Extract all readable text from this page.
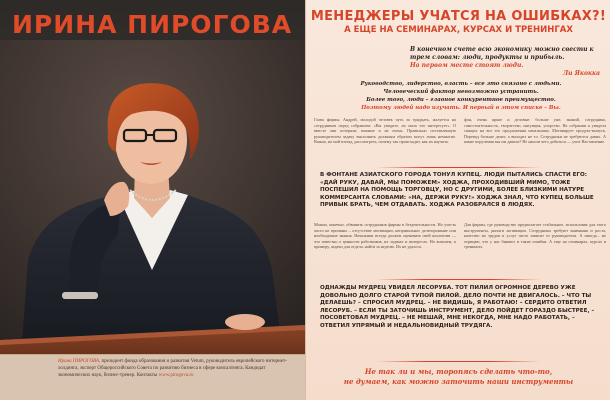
ИРИНА ПИРОГОВА
Ирина ПИРОГОВА, президент фонда образования и развития Vetum, руководитель европейского интернет-холдинга, эксперт Общероссийского Совета по развитию бизнеса в сфере консалтинга. Кандидат экономических наук, бизнес-тренер. Контакты www.pirogova.ru
МЕНЕДЖЕРЫ УЧАТСЯ НА ОШИБКАХ?!
А ЕЩЕ НА СЕМИНАРАХ, КУРСАХ И ТРЕНИНГАХ
В конечном счете всю экономику можно свести к трем словам: люди, продукты и прибыль.
На первом месте стоят люди.
Ли Якокка
Руководство, лидерство, власть – все это связано с людьми.
Человеческий фактор невозможно устранить.
Более того, люди – главное конкурентное преимущество.
Поэтому людей надо изучать. И первый в этом списке – Вы.
Глава фирмы, Андрей, молодой человек чуть за тридцать, жалуется на сотрудников перед собранием: «Вы увидите, их мало что интересует». О вместе они потеряли, важные и не очень. Правильно поставленную руководителем задачу выполнить должным образом могут лишь немногие. Важно, на мой взгляд, рассмотреть, почему так происходит, как их научить.
фон, очень яркие и деловые: больше уже, знаний, сотрудника, самостоятельность, творчество, интуиция, упорство. На собрании я увидела спящих на все его предложения начальника. Мотивирует продукт-выпуск. Перевод больше денег, а выходит не то. Сотрудники не требуются давно. А какие поручения мы им давали? Не нашли чего добиться — учит Наставление.
В ФОНТАНЕ АЗИАТСКОГО ГОРОДА ТОНУЛ КУПЕЦ. ЛЮДИ ПЫТАЛИСЬ СПАСТИ ЕГО: «ДАЙ РУКУ, ДАВАЙ, МЫ ПОМОЖЕМ» ХОДЖА, ПРОХОДИВШИЙ МИМО, ТОЖЕ ПОСПЕШИЛ НА ПОМОЩЬ ТОРГОВЦУ, НО С ДРУГИМИ, БОЛЕЕ БЛИЗКИМИ НАТУРЕ КОММЕРСАНТА СЛОВАМИ: «НА, ДЕРЖИ РУКУ!» ХОДЖА ЗНАЛ, ЧТО КУПЕЦ БОЛЬШЕ ПРИВЫК БРАТЬ, ЧЕМ ОТДАВАТЬ. ХОДЖА РАЗОБРАЛСЯ В ЛЮДЯХ.
Можно, конечно, обвинить сотрудников фирмы в бездеятельности. Но учесть часто не причины – отсутствие мотивации, неправильное делегирование или необходимые знания. Начальник всегда должен оценивать свой коллектив — что известно о ценности работников, их задачах и интересах. Но возьмем, к примеру, задачи для отдела, найти за неделю. Их не удалось.
Для фирмы, где руководство предполагает стабильное, использовав для этого инструменты, рычаги мотивации. Сотрудники требуют внимания и роста, качество их трудов и услуг часто зависит от руководителя. А иногда... не отрицаю, что у нас бывают и такие ошибки. А еще на семинарах, курсах и тренингах.
ОДНАЖДЫ МУДРЕЦ УВИДЕЛ ЛЕСОРУБА. ТОТ ПИЛИЛ ОГРОМНОЕ ДЕРЕВО УЖЕ ДОВОЛЬНО ДОЛГО СТАРОЙ ТУПОЙ ПИЛОЙ. ДЕЛО ПОЧТИ НЕ ДВИГАЛОСЬ. – ЧТО ТЫ ДЕЛАЕШЬ? – СПРОСИЛ МУДРЕЦ. – НЕ ВИДИШЬ, Я РАБОТАЮ! – СЕРДИТО ОТВЕТИЛ ЛЕСОРУБ. – ЕСЛИ ТЫ ЗАТОЧИШЬ ИНСТРУМЕНТ, ДЕЛО ПОЙДЕТ ГОРАЗДО БЫСТРЕЕ, – ПОСОВЕТОВАЛ МУДРЕЦ. – НЕ МЕШАЙ, МНЕ НЕКОГДА, МНЕ НАДО РАБОТАТЬ, – ОТВЕТИЛ УПРЯМЫЙ И НЕДАЛЬНОВИДНЫЙ ТРУДЯГА.
Не так ли и мы, торопясь сделать что-то,
не думаем, как можно заточить наши инструменты
